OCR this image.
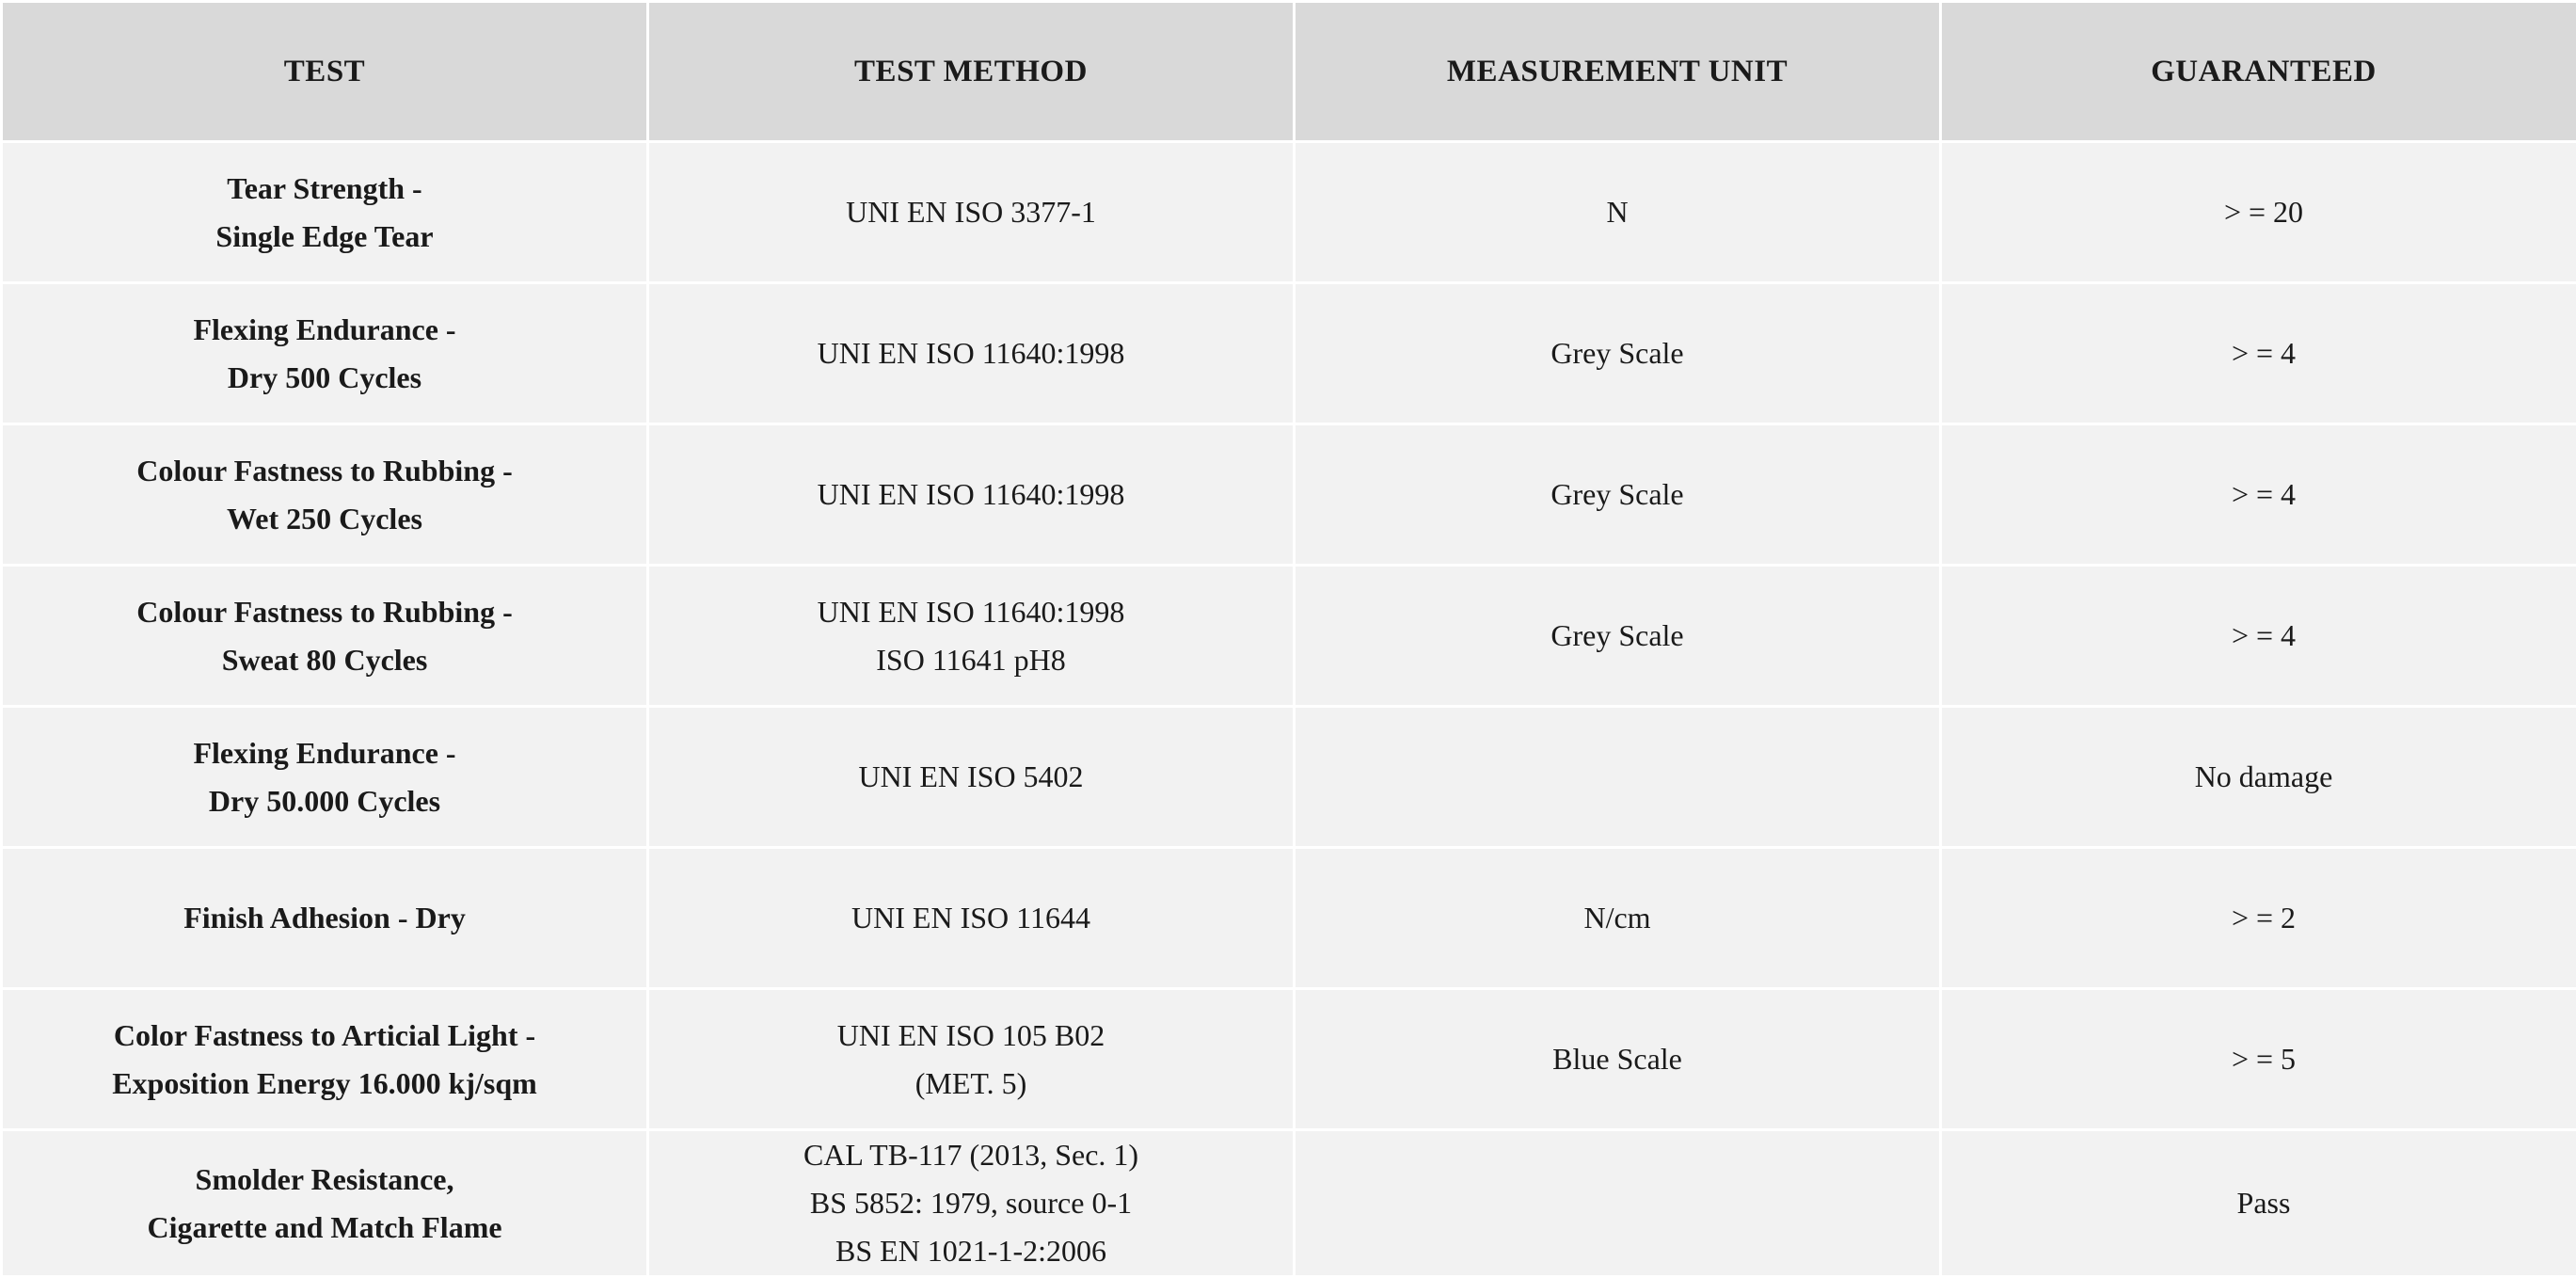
TEST	TEST METHOD	MEASUREMENT UNIT	GUARANTEED

Tear Strength -
Single Edge Tear	UNI EN ISO 3377-1	N	> = 20

Flexing Endurance -
Dry 500 Cycles	UNI EN ISO 11640:1998	Grey Scale	> = 4

Colour Fastness to Rubbing -
Wet 250 Cycles	UNI EN ISO 11640:1998	Grey Scale	> = 4

Colour Fastness to Rubbing -
Sweat 80 Cycles	UNI EN ISO 11640:1998
ISO 11641 pH8	Grey Scale	> = 4

Flexing Endurance -
Dry 50.000 Cycles	UNI EN ISO 5402		No damage

Finish Adhesion - Dry	UNI EN ISO 11644	N/cm	> = 2

Color Fastness to Articial Light -
Exposition Energy 16.000 kj/sqm	UNI EN ISO 105 B02
(MET. 5)	Blue Scale	> = 5

Smolder Resistance,
Cigarette and Match Flame	CAL TB-117 (2013, Sec. 1)
BS 5852: 1979, source 0-1
BS EN 1021-1-2:2006		Pass
